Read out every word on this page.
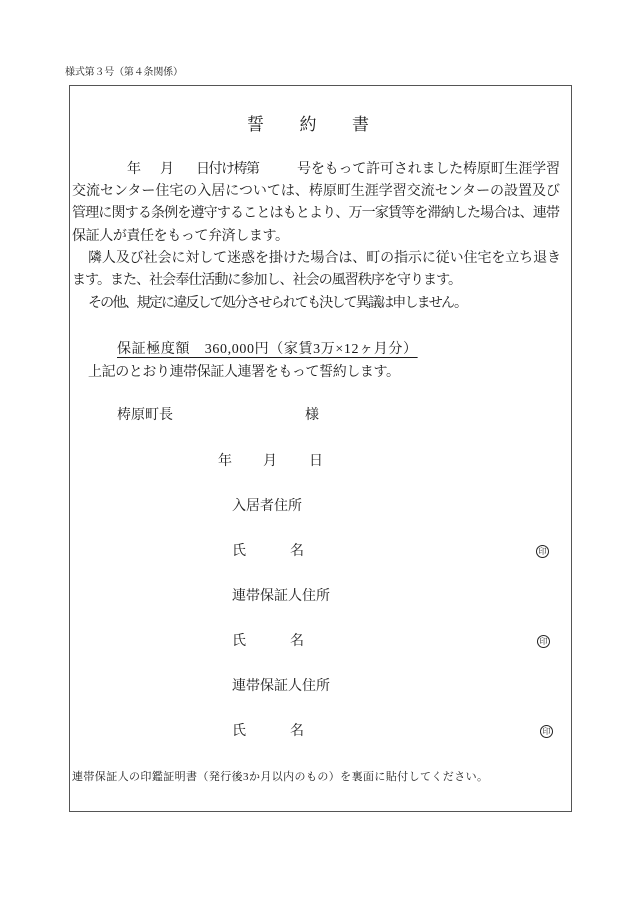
様式第３号（第４条関係）
誓約書
年 月 日付け梼第	号をもって許可されました梼原町生涯学習
交流センター住宅の入居については、梼原町生涯学習交流センターの設置及び
管理に関する条例を遵守することはもとより、万一家賃等を滞納した場合は、連帯
保証人が責任をもって弁済します。
隣人及び社会に対して迷惑を掛けた場合は、町の指示に従い住宅を立ち退き
ます。また、社会奉仕活動に参加し、社会の風習秩序を守ります。
その他、規定に違反して処分させられても決して異議は申しません。
保証極度額　360,000円（家賃3万×12ヶ月分）
上記のとおり連帯保証人連署をもって誓約します。
梼原町長	様
年 月 日
入居者住所
氏	名	印
連帯保証人住所
氏	名	印
連帯保証人住所
氏	名	印
連帯保証人の印鑑証明書（発行後3か月以内のもの）を裏面に貼付してください。
